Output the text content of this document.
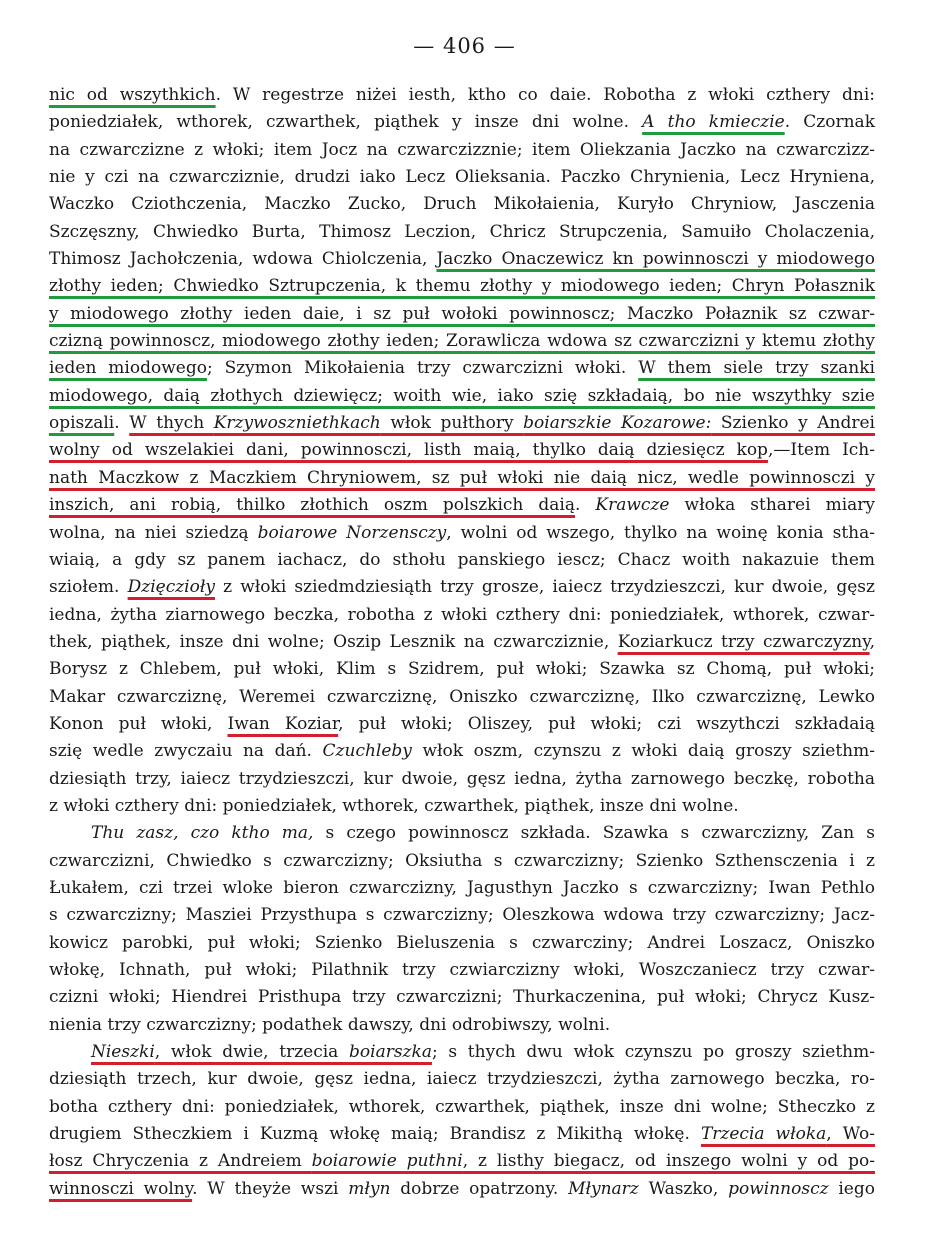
— 406 —
nic od wszythkich. W regestrze niżei iesth, ktho co daie. Robotha z włoki czthery dni:
poniedziałek, wthorek, czwarthek, piąthek y insze dni wolne. A tho kmieczie. Czornak
na czwarczizne z włoki; item Jocz na czwarczizznie; item Oliekzania Jaczko na czwarczizz-
nie y czi na czwarcziznie, drudzi iako Lecz Olieksania. Paczko Chrynienia, Lecz Hryniena,
Waczko Cziothczenia, Maczko Zucko, Druch Mikołaienia, Kuryło Chryniow, Jasczenia
Szczęszny, Chwiedko Burta, Thimosz Leczion, Chricz Strupczenia, Samuiło Cholaczenia,
Thimosz Jachołczenia, wdowa Chiolczenia, Jaczko Onaczewicz kn powinnosczi y miodowego
złothy ieden; Chwiedko Sztrupczenia, k themu złothy y miodowego ieden; Chryn Połasznik
y miodowego złothy ieden daie, i sz puł wołoki powinnoscz; Maczko Połaznik sz czwar-
czizną powinnoscz, miodowego złothy ieden; Zorawlicza wdowa sz czwarczizni y ktemu złothy
ieden miodowego; Szymon Mikołaienia trzy czwarczizni włoki. W them siele trzy szanki
miodowego, daią złothych dziewięcz; woith wie, iako szię szkładaią, bo nie wszythky szie
opiszali. W thych Krzywoszniethkach włok pułthory boiarszkie Kozarowe: Szienko y Andrei
wolny od wszelakiei dani, powinnosczi, listh maią, thylko daią dziesięcz kop,—Item Ich-
nath Maczkow z Maczkiem Chryniowem, sz puł włoki nie daią nicz, wedle powinnosczi y
inszich, ani robią, thilko złothich oszm polszkich daią. Krawcze włoka stharei miary
wolna, na niei sziedzą boiarowe Norzensczy, wolni od wszego, thylko na woinę konia stha-
wiaią, a gdy sz panem iachacz, do sthołu panskiego iescz; Chacz woith nakazuie them
sziołem. Dzięczioły z włoki sziedmdziesiąth trzy grosze, iaiecz trzydzieszczi, kur dwoie, gęsz
iedna, żytha ziarnowego beczka, robotha z włoki czthery dni: poniedziałek, wthorek, czwar-
thek, piąthek, insze dni wolne; Oszip Lesznik na czwarcziznie, Koziarkucz trzy czwarczyzny,
Borysz z Chlebem, puł włoki, Klim s Szidrem, puł włoki; Szawka sz Chomą, puł włoki;
Makar czwarcziznę, Weremei czwarcziznę, Oniszko czwarcziznę, Ilko czwarcziznę, Lewko
Konon puł włoki, Iwan Koziar, puł włoki; Oliszey, puł włoki; czi wszythczi szkładaią
szię wedle zwyczaiu na dań. Czuchleby włok oszm, czynszu z włoki daią groszy sziethm-
dziesiąth trzy, iaiecz trzydzieszczi, kur dwoie, gęsz iedna, żytha zarnowego beczkę, robotha
z włoki czthery dni: poniedziałek, wthorek, czwarthek, piąthek, insze dni wolne.
Thu zasz, czo ktho ma, s czego powinnoscz szkłada. Szawka s czwarczizny, Zan s
czwarczizni, Chwiedko s czwarczizny; Oksiutha s czwarczizny; Szienko Szthensczenia i z
Łukałem, czi trzei wloke bieron czwarczizny, Jagusthyn Jaczko s czwarczizny; Iwan Pethlo
s czwarczizny; Masziei Przysthupa s czwarczizny; Oleszkowa wdowa trzy czwarczizny; Jacz-
kowicz parobki, puł włoki; Szienko Bieluszenia s czwarcziny; Andrei Loszacz, Oniszko
włokę, Ichnath, puł włoki; Pilathnik trzy czwiarczizny włoki, Woszczaniecz trzy czwar-
czizni włoki; Hiendrei Pristhupa trzy czwarczizni; Thurkaczenina, puł włoki; Chrycz Kusz-
nienia trzy czwarczizny; podathek dawszy, dni odrobiwszy, wolni.
Nieszki, włok dwie, trzecia boiarszka; s thych dwu włok czynszu po groszy sziethm-
dziesiąth trzech, kur dwoie, gęsz iedna, iaiecz trzydzieszczi, żytha zarnowego beczka, ro-
botha czthery dni: poniedziałek, wthorek, czwarthek, piąthek, insze dni wolne; Stheczko z
drugiem Stheczkiem i Kuzmą włokę maią; Brandisz z Mikithą włokę. Trzecia włoka, Wo-
łosz Chryczenia z Andreiem boiarowie puthni, z listhy biegacz, od inszego wolni y od po-
winnosczi wolny. W theyże wszi młyn dobrze opatrzony. Młynarz Waszko, powinnoscz iego
